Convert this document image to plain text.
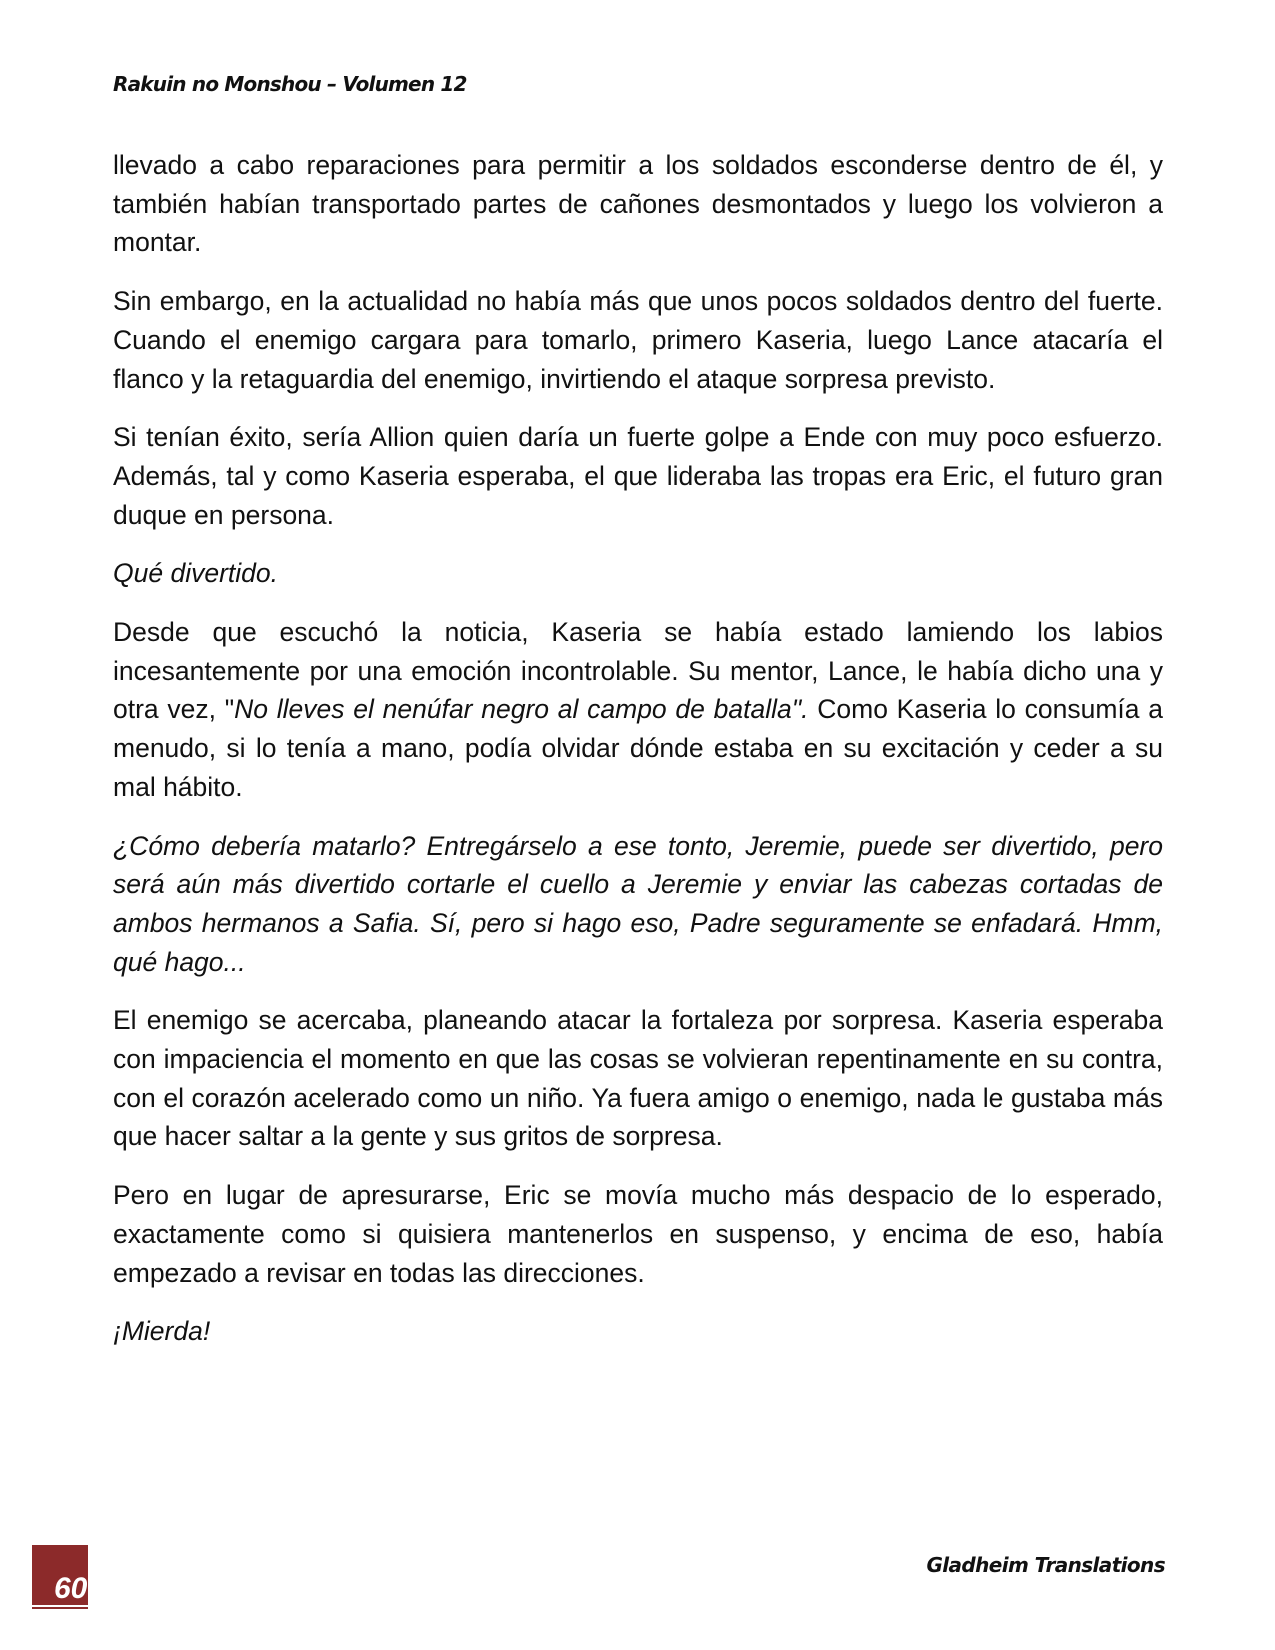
Rakuin no Monshou – Volumen 12

llevado a cabo reparaciones para permitir a los soldados esconderse dentro de él, y también habían transportado partes de cañones desmontados y luego los volvieron a montar.

Sin embargo, en la actualidad no había más que unos pocos soldados dentro del fuerte. Cuando el enemigo cargara para tomarlo, primero Kaseria, luego Lance atacaría el flanco y la retaguardia del enemigo, invirtiendo el ataque sorpresa previsto.

Si tenían éxito, sería Allion quien daría un fuerte golpe a Ende con muy poco esfuerzo. Además, tal y como Kaseria esperaba, el que lideraba las tropas era Eric, el futuro gran duque en persona.

Qué divertido.

Desde que escuchó la noticia, Kaseria se había estado lamiendo los labios incesantemente por una emoción incontrolable. Su mentor, Lance, le había dicho una y otra vez, "No lleves el nenúfar negro al campo de batalla". Como Kaseria lo consumía a menudo, si lo tenía a mano, podía olvidar dónde estaba en su excitación y ceder a su mal hábito.

¿Cómo debería matarlo? Entregárselo a ese tonto, Jeremie, puede ser divertido, pero será aún más divertido cortarle el cuello a Jeremie y enviar las cabezas cortadas de ambos hermanos a Safia. Sí, pero si hago eso, Padre seguramente se enfadará. Hmm, qué hago...

El enemigo se acercaba, planeando atacar la fortaleza por sorpresa. Kaseria esperaba con impaciencia el momento en que las cosas se volvieran repentinamente en su contra, con el corazón acelerado como un niño. Ya fuera amigo o enemigo, nada le gustaba más que hacer saltar a la gente y sus gritos de sorpresa.

Pero en lugar de apresurarse, Eric se movía mucho más despacio de lo esperado, exactamente como si quisiera mantenerlos en suspenso, y encima de eso, había empezado a revisar en todas las direcciones.

¡Mierda!

60
Gladheim Translations
